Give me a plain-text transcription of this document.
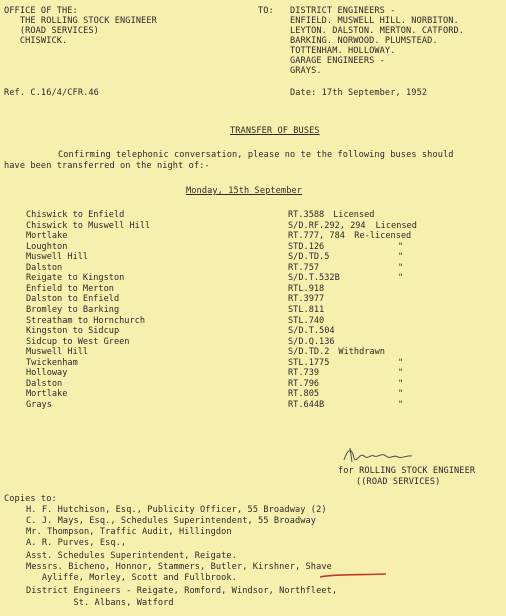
OFFICE OF THE:
THE ROLLING STOCK ENGINEER
(ROAD SERVICES)
CHISWICK.
TO: DISTRICT ENGINEERS -
ENFIELD. MUSWELL HILL. NORBITON.
LEYTON. DALSTON. MERTON. CATFORD.
BARKING. NORWOOD. PLUMSTEAD.
TOTTENHAM. HOLLOWAY.
GARAGE ENGINEERS -
GRAYS.
Ref. C.16/4/CFR.46	Date: 17th September, 1952
TRANSFER OF BUSES
Confirming telephonic conversation, please no te the following buses should
have been transferred on the night of:-
Monday, 15th September
Chiswick to Enfield	RT.3588 Licensed
Chiswick to Muswell Hill	S/D.RF.292, 294 Licensed
Mortlake	RT.777, 784 Re-licensed
Loughton	STD.126	"
Muswell Hill	S/D.TD.5	"
Dalston	RT.757	"
Reigate to Kingston	S/D.T.532B	"
Enfield to Merton	RTL.918
Dalston to Enfield	RT.3977
Bromley to Barking	STL.811
Streatham to Hornchurch	STL.740
Kingston to Sidcup	S/D.T.504
Sidcup to West Green	S/D.Q.136
Muswell Hill	S/D.TD.2 Withdrawn
Twickenham	STL.1775	"
Holloway	RT.739	"
Dalston	RT.796	"
Mortlake	RT.805	"
Grays	RT.644B	"
for ROLLING STOCK ENGINEER
((ROAD SERVICES)
Copies to:
H. F. Hutchison, Esq., Publicity Officer, 55 Broadway (2)
C. J. Mays, Esq., Schedules Superintendent, 55 Broadway
Mr. Thompson, Traffic Audit, Hillingdon
A. R. Purves, Esq.,
Asst. Schedules Superintendent, Reigate.
Messrs. Bicheno, Honnor, Stammers, Butler, Kirshner, Shave
Ayliffe, Morley, Scott and Fullbrook.
District Engineers - Reigate, Romford, Windsor, Northfleet,
St. Albans, Watford
